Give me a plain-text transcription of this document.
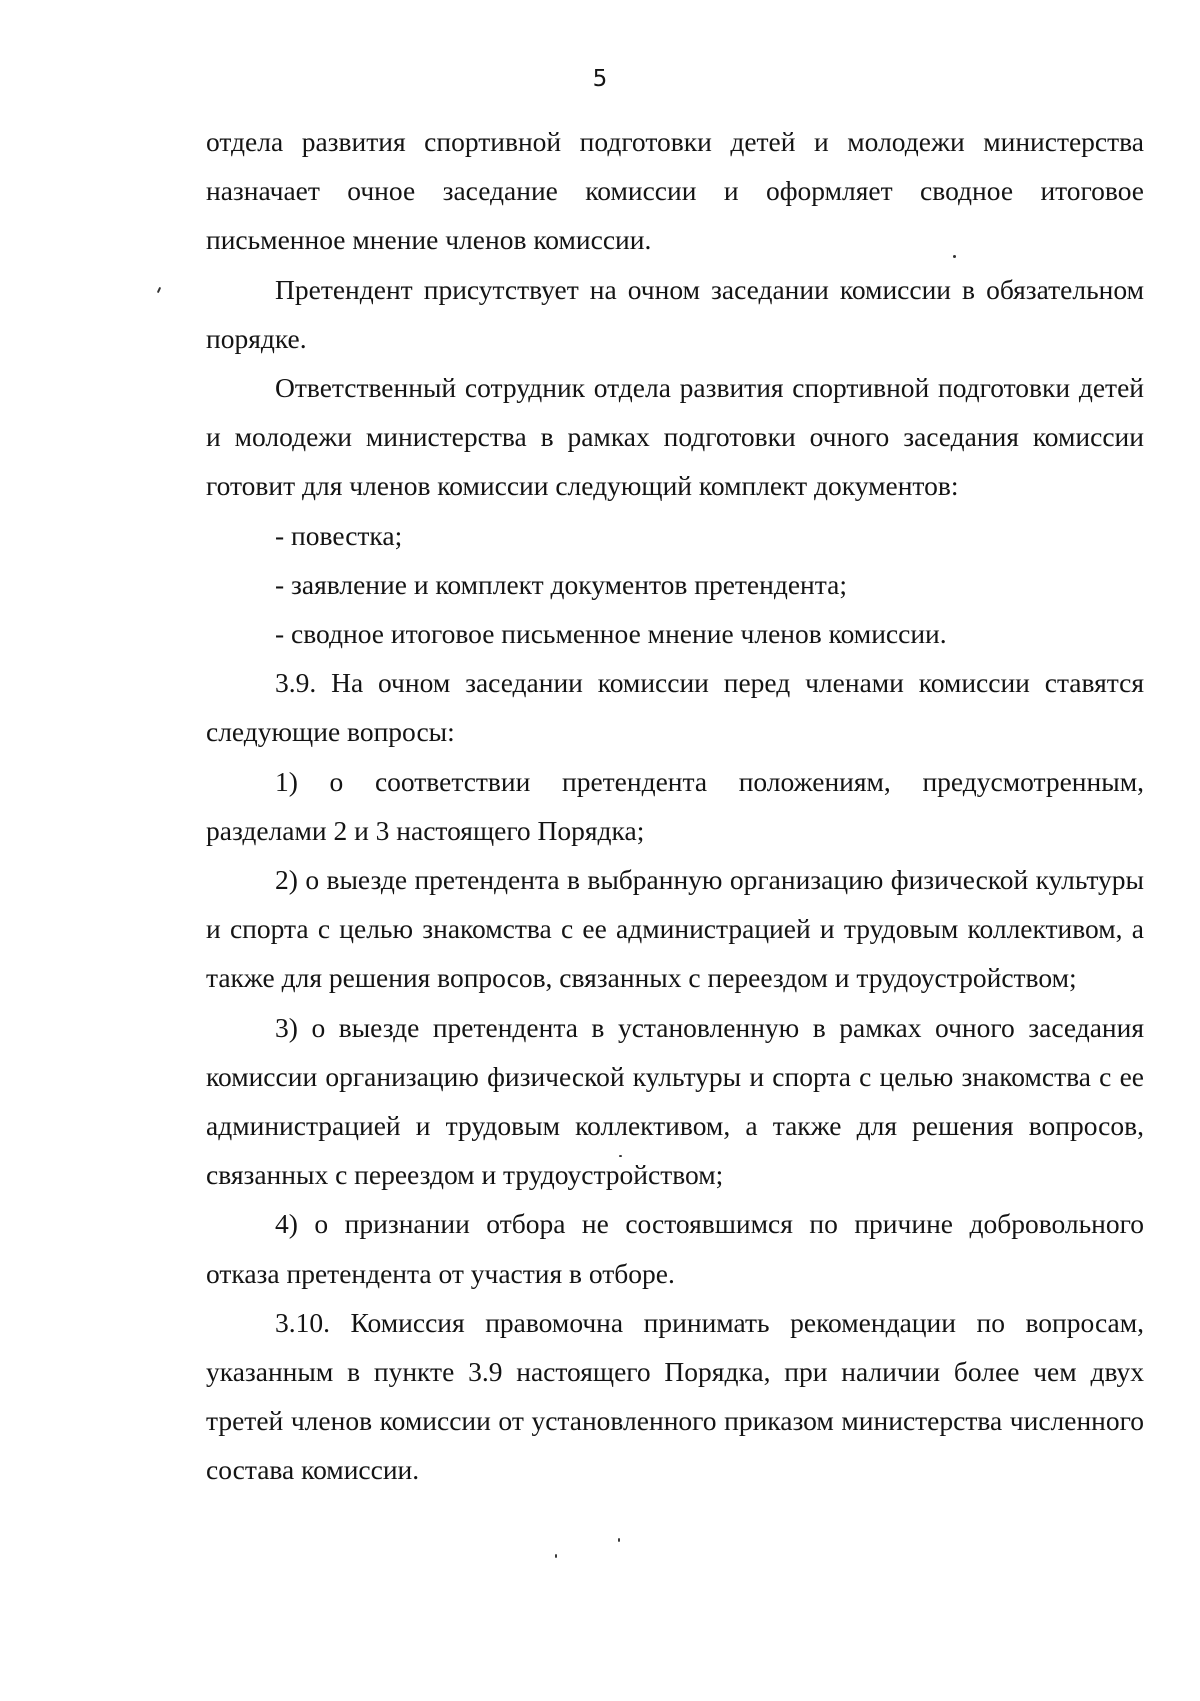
5

отдела развития спортивной подготовки детей и молодежи министерства назначает очное заседание комиссии и оформляет сводное итоговое письменное мнение членов комиссии.

Претендент присутствует на очном заседании комиссии в обязательном порядке.

Ответственный сотрудник отдела развития спортивной подготовки детей и молодежи министерства в рамках подготовки очного заседания комиссии готовит для членов комиссии следующий комплект документов:

- повестка;

- заявление и комплект документов претендента;

- сводное итоговое письменное мнение членов комиссии.

3.9. На очном заседании комиссии перед членами комиссии ставятся следующие вопросы:

1) о соответствии претендента положениям, предусмотренным, разделами 2 и 3 настоящего Порядка;

2) о выезде претендента в выбранную организацию физической культуры и спорта с целью знакомства с ее администрацией и трудовым коллективом, а также для решения вопросов, связанных с переездом и трудоустройством;

3) о выезде претендента в установленную в рамках очного заседания комиссии организацию физической культуры и спорта с целью знакомства с ее администрацией и трудовым коллективом, а также для решения вопросов, связанных с переездом и трудоустройством;

4) о признании отбора не состоявшимся по причине добровольного отказа претендента от участия в отборе.

3.10. Комиссия правомочна принимать рекомендации по вопросам, указанным в пункте 3.9 настоящего Порядка, при наличии более чем двух третей членов комиссии от установленного приказом министерства численного состава комиссии.
